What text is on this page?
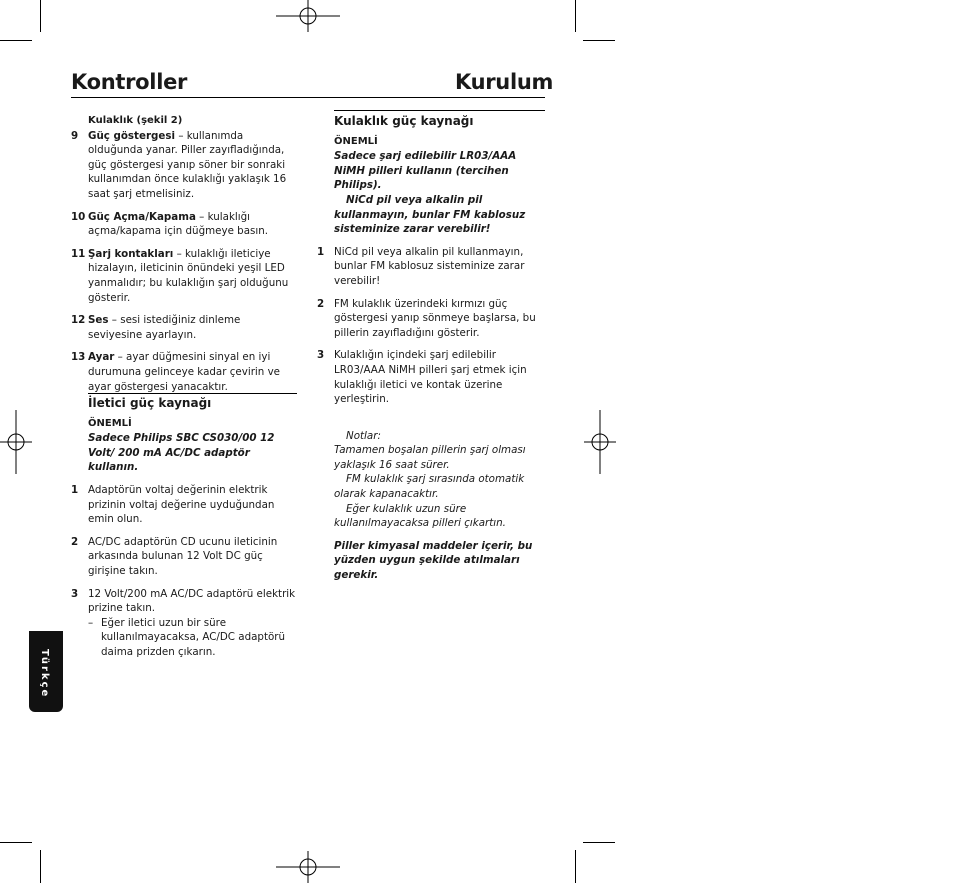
Kontroller	Kurulum
Kulaklık (şekil 2)
9 Güç göstergesi – kullanımda olduğunda yanar. Piller zayıfladığında, güç göstergesi yanıp söner bir sonraki kullanımdan önce kulaklığı yaklaşık 16 saat şarj etmelisiniz.
10 Güç Açma/Kapama – kulaklığı açma/kapama için düğmeye basın.
11 Şarj kontakları – kulaklığı ileticiye hizalayın, ileticinin önündeki yeşil LED yanmalıdır; bu kulaklığın şarj olduğunu gösterir.
12 Ses – sesi istediğiniz dinleme seviyesine ayarlayın.
13 Ayar – ayar düğmesini sinyal en iyi durumuna gelinceye kadar çevirin ve ayar göstergesi yanacaktır.
İletici güç kaynağı
ÖNEMLİ
Sadece Philips SBC CS030/00 12 Volt/ 200 mA AC/DC adaptör kullanın.
1 Adaptörün voltaj değerinin elektrik prizinin voltaj değerine uyduğundan emin olun.
2 AC/DC adaptörün CD ucunu ileticinin arkasında bulunan 12 Volt DC güç girişine takın.
3 12 Volt/200 mA AC/DC adaptörü elektrik prizine takın.
– Eğer iletici uzun bir süre kullanılmayacaksa, AC/DC adaptörü daima prizden çıkarın.
Kulaklık güç kaynağı
ÖNEMLİ
Sadece şarj edilebilir LR03/AAA NiMH pilleri kullanın (tercihen Philips).
NiCd pil veya alkalin pil kullanmayın, bunlar FM kablosuz sisteminize zarar verebilir!
1 NiCd pil veya alkalin pil kullanmayın, bunlar FM kablosuz sisteminize zarar verebilir!
2 FM kulaklık üzerindeki kırmızı güç göstergesi yanıp sönmeye başlarsa, bu pillerin zayıfladığını gösterir.
3 Kulaklığın içindeki şarj edilebilir LR03/AAA NiMH pilleri şarj etmek için kulaklığı iletici ve kontak üzerine yerleştirin.
Notlar:
Tamamen boşalan pillerin şarj olması yaklaşık 16 saat sürer.
FM kulaklık şarj sırasında otomatik olarak kapanacaktır.
Eğer kulaklık uzun süre kullanılmayacaksa pilleri çıkartın.
Piller kimyasal maddeler içerir, bu yüzden uygun şekilde atılmaları gerekir.
Türkçe
